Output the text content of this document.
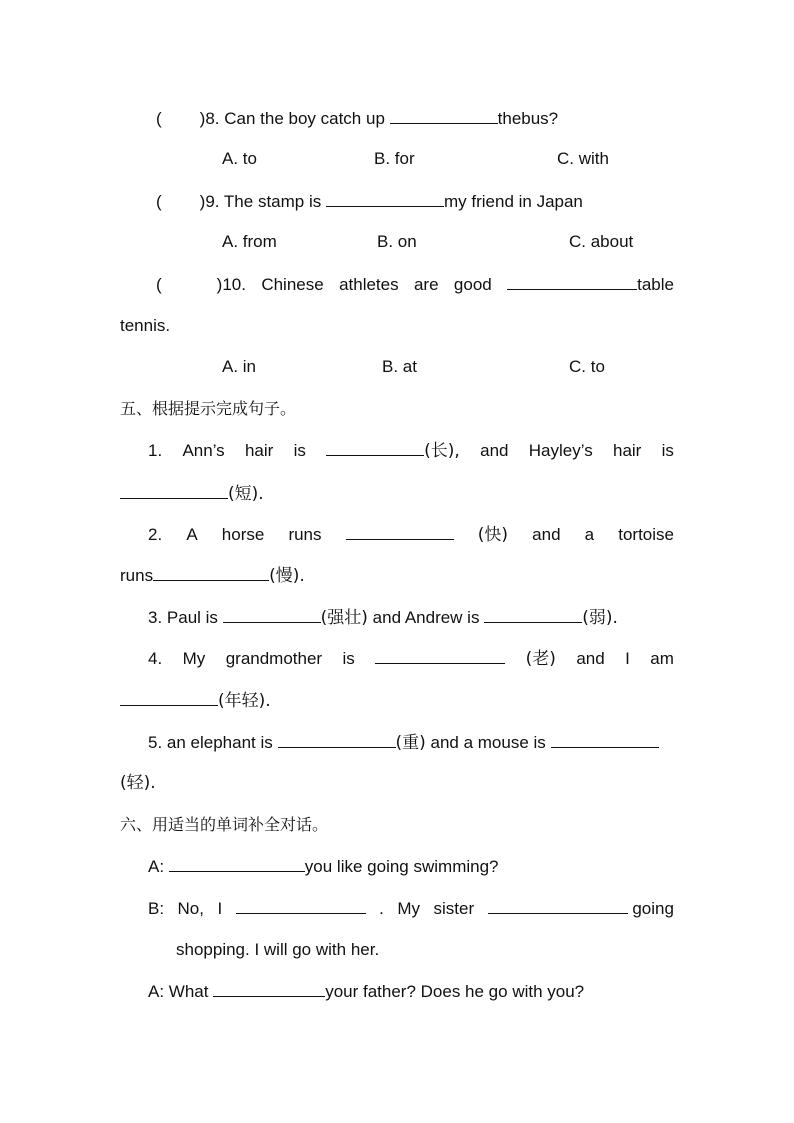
( )8. Can the boy catch up	thebus?
A. to	B. for	C. with
( )9. The stamp is	my friend in Japan
A. from	B. on	C. about
(	)10. Chinese athletes are good	table
tennis.
A. in	B. at	C. to
五、根据提示完成句子。
1. Ann’s hair is	(长), and Hayley’s hair is
(短).
2. A horse runs	(快) and a tortoise
runs	(慢).
3. Paul is	(强壮) and Andrew is	(弱).
4. My grandmother is	(老) and I am
(年轻).
5. an elephant is	(重) and a mouse is
(轻).
六、用适当的单词补全对话。
A:	you like going swimming?
B: No, I	. My sister	going
shopping. I will go with her.
A: What	your father? Does he go with you?
